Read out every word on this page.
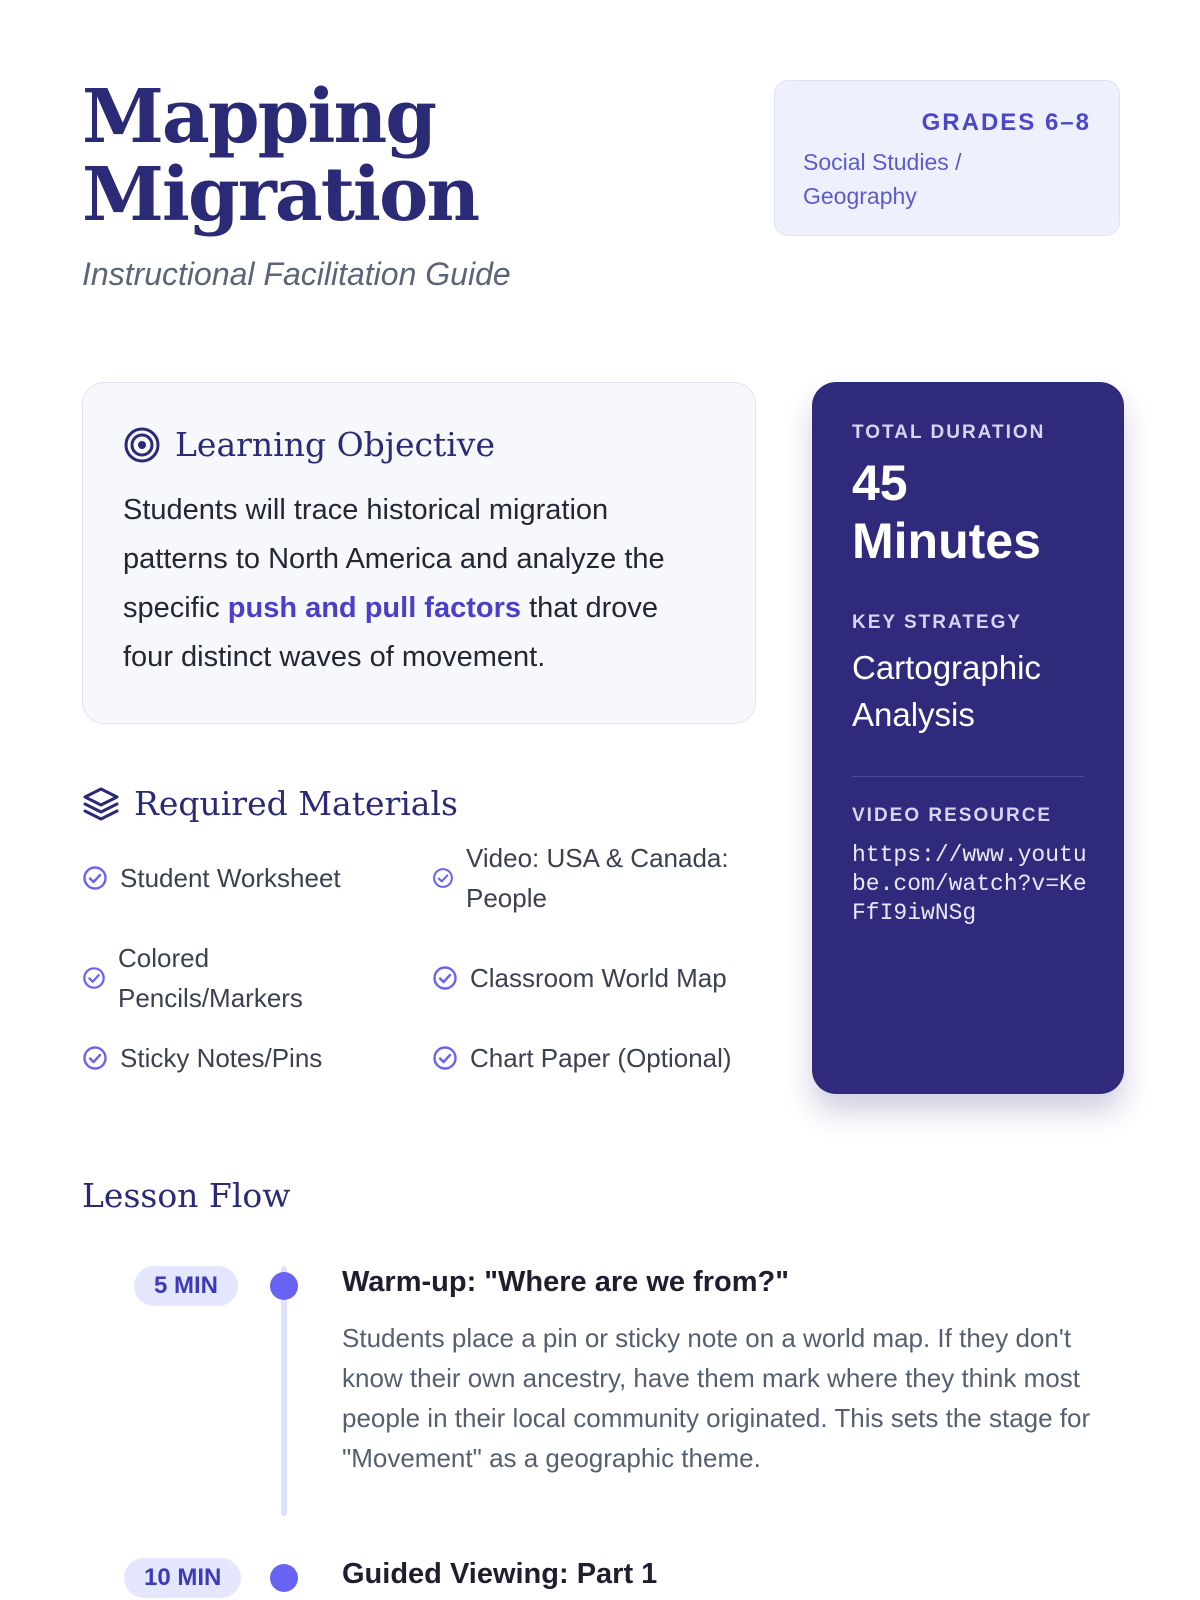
Mapping
Migration
Instructional Facilitation Guide
GRADES 6–8
Social Studies / Geography
Learning Objective
Students will trace historical migration patterns to North America and analyze the specific push and pull factors that drove four distinct waves of movement.
Required Materials
Student Worksheet
Video: USA & Canada: People
Colored Pencils/Markers
Classroom World Map
Sticky Notes/Pins	Chart Paper (Optional)
TOTAL DURATION
45 Minutes
KEY STRATEGY
Cartographic Analysis
VIDEO RESOURCE
https://www.youtube.com/watch?v=KeFfI9iwNSg
Lesson Flow
5 MIN	Warm-up: "Where are we from?"
Students place a pin or sticky note on a world map. If they don't know their own ancestry, have them mark where they think most people in their local community originated. This sets the stage for "Movement" as a geographic theme.
10 MIN	Guided Viewing: Part 1
